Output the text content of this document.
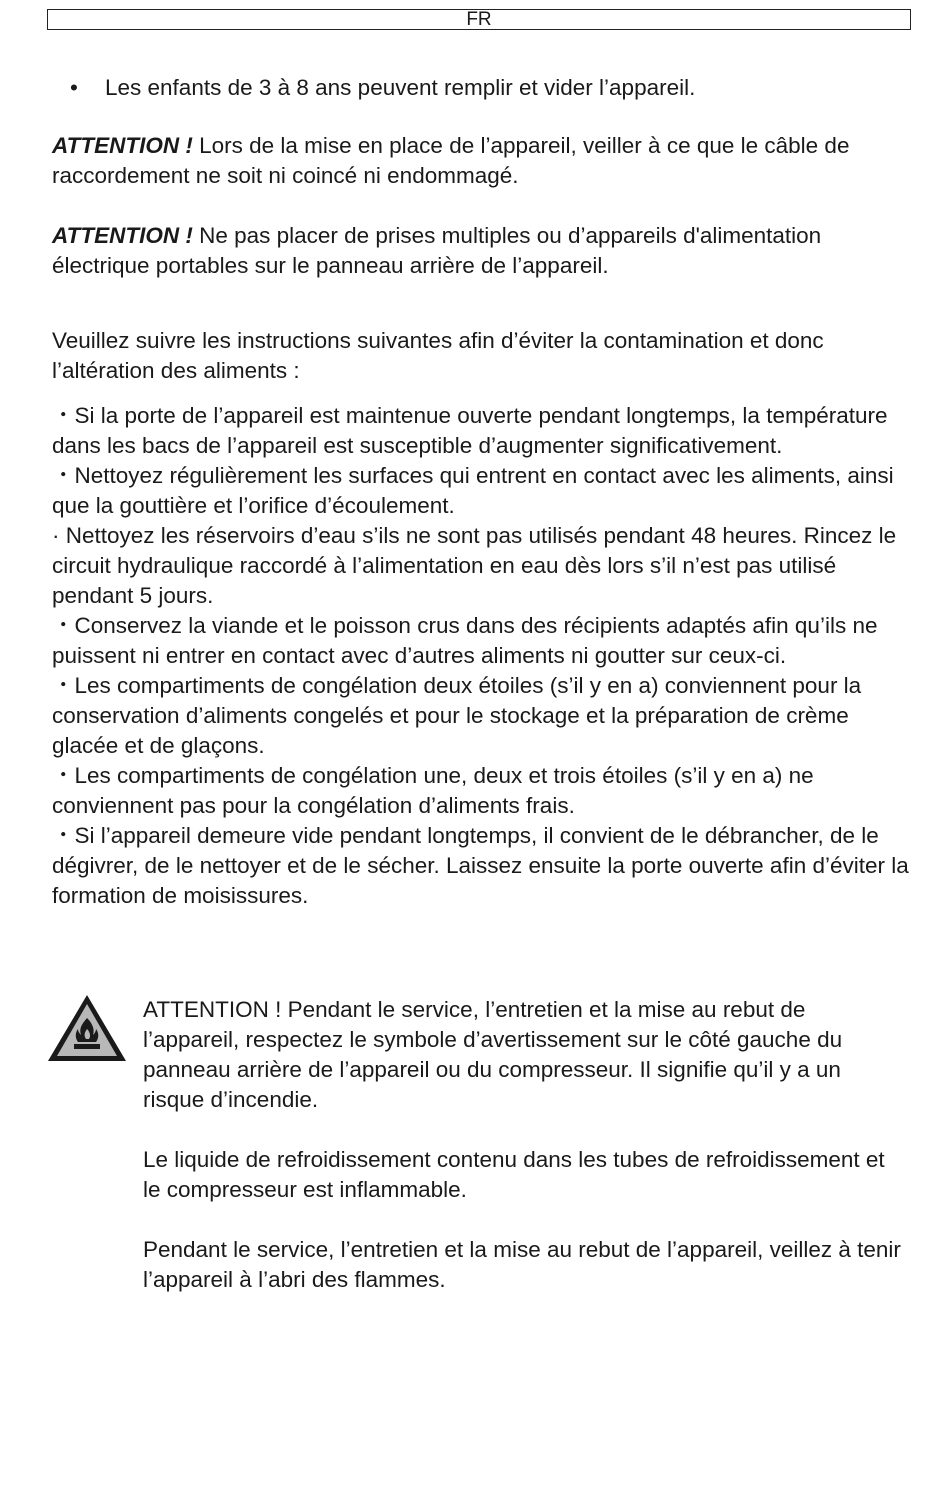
FR

• Les enfants de 3 à 8 ans peuvent remplir et vider l’appareil.

ATTENTION ! Lors de la mise en place de l’appareil, veiller à ce que le câble de raccordement ne soit ni coincé ni endommagé.

ATTENTION ! Ne pas placer de prises multiples ou d’appareils d'alimentation électrique portables sur le panneau arrière de l’appareil.

Veuillez suivre les instructions suivantes afin d’éviter la contamination et donc l’altération des aliments :

・Si la porte de l’appareil est maintenue ouverte pendant longtemps, la température dans les bacs de l’appareil est susceptible d’augmenter significativement.
・Nettoyez régulièrement les surfaces qui entrent en contact avec les aliments, ainsi que la gouttière et l’orifice d’écoulement.
· Nettoyez les réservoirs d’eau s’ils ne sont pas utilisés pendant 48 heures. Rincez le circuit hydraulique raccordé à l’alimentation en eau dès lors s’il n’est pas utilisé pendant 5 jours.
・Conservez la viande et le poisson crus dans des récipients adaptés afin qu’ils ne puissent ni entrer en contact avec d’autres aliments ni goutter sur ceux-ci.
・Les compartiments de congélation deux étoiles (s’il y en a) conviennent pour la conservation d’aliments congelés et pour le stockage et la préparation de crème glacée et de glaçons.
・Les compartiments de congélation une, deux et trois étoiles (s’il y en a) ne conviennent pas pour la congélation d’aliments frais.
・Si l’appareil demeure vide pendant longtemps, il convient de le débrancher, de le dégivrer, de le nettoyer et de le sécher. Laissez ensuite la porte ouverte afin d’éviter la formation de moisissures.

ATTENTION ! Pendant le service, l’entretien et la mise au rebut de l’appareil, respectez le symbole d’avertissement sur le côté gauche du panneau arrière de l’appareil ou du compresseur. Il signifie qu’il y a un risque d’incendie.

Le liquide de refroidissement contenu dans les tubes de refroidissement et le compresseur est inflammable.

Pendant le service, l’entretien et la mise au rebut de l’appareil, veillez à tenir l’appareil à l’abri des flammes.
